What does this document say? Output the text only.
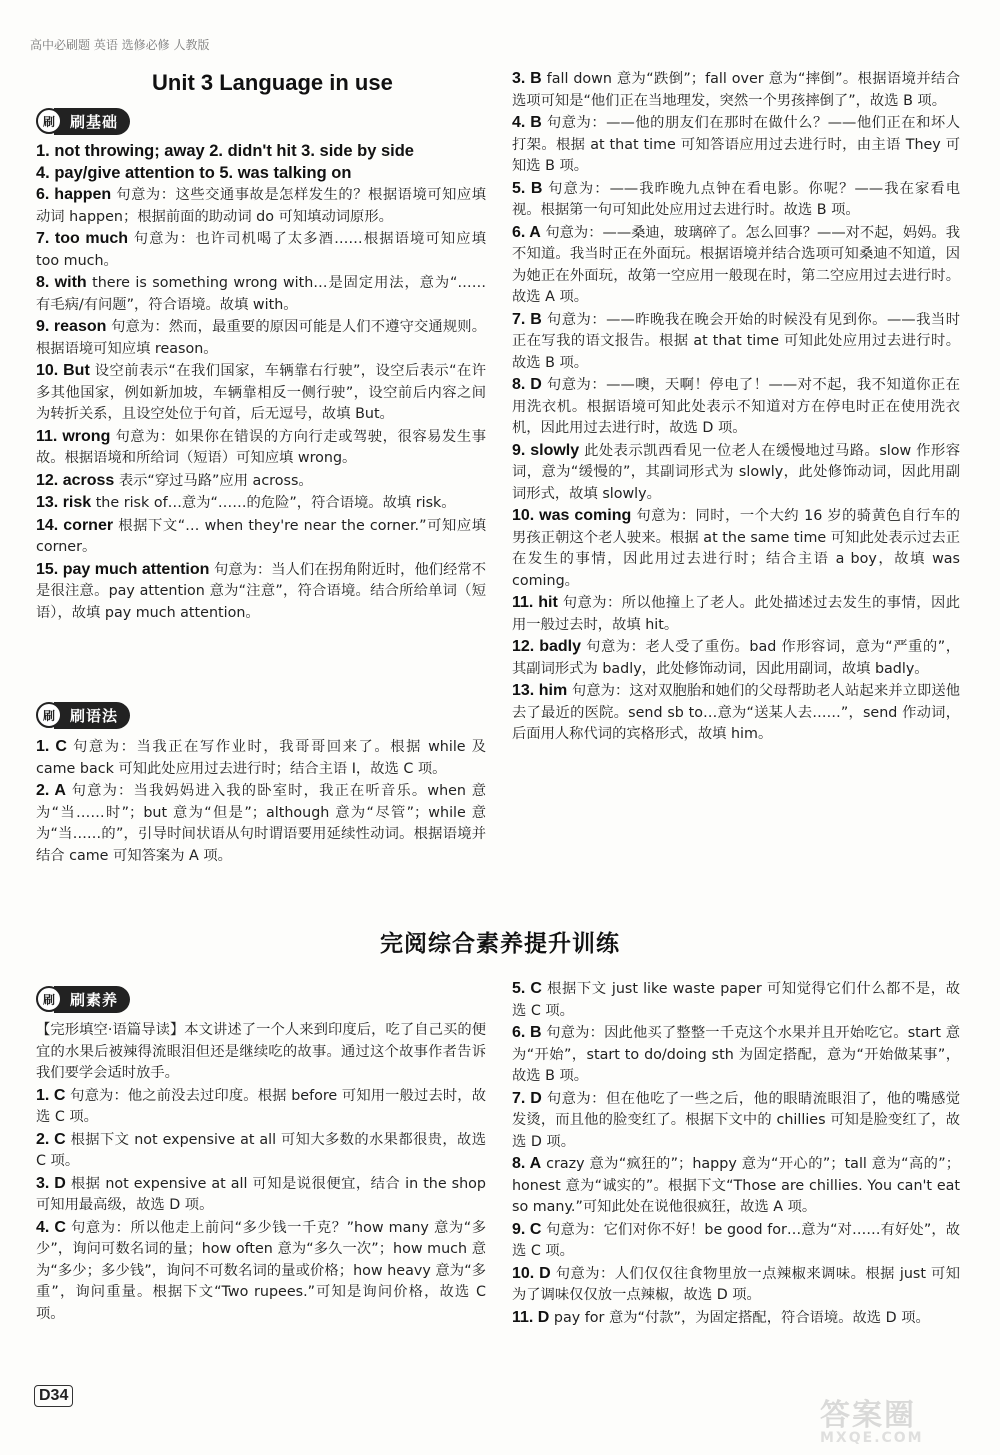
高中必刷题 英语 选修必修 人教版
Unit 3 Language in use
刷	刷基础
1. not throwing; away 2. didn't hit 3. side by side
4. pay/give attention to 5. was talking on

6. happen 句意为：这些交通事故是怎样发生的？根据语境可知应填动词 happen；根据前面的助动词 do 可知填动词原形。

7. too much 句意为：也许司机喝了太多酒……根据语境可知应填 too much。

8. with there is something wrong with…是固定用法，意为“……有毛病/有问题”，符合语境。故填 with。

9. reason 句意为：然而，最重要的原因可能是人们不遵守交通规则。根据语境可知应填 reason。

10. But 设空前表示“在我们国家，车辆靠右行驶”，设空后表示“在许多其他国家，例如新加坡，车辆靠相反一侧行驶”，设空前后内容之间为转折关系，且设空处位于句首，后无逗号，故填 But。

11. wrong 句意为：如果你在错误的方向行走或驾驶，很容易发生事故。根据语境和所给词（短语）可知应填 wrong。

12. across 表示“穿过马路”应用 across。

13. risk the risk of…意为“……的危险”，符合语境。故填 risk。

14. corner 根据下文“… when they're near the corner.”可知应填 corner。

15. pay much attention 句意为：当人们在拐角附近时，他们经常不是很注意。pay attention 意为“注意”，符合语境。结合所给单词（短语），故填 pay much attention。

刷	刷语法

1. C 句意为：当我正在写作业时，我哥哥回来了。根据 while 及 came back 可知此处应用过去进行时；结合主语 I，故选 C 项。

2. A 句意为：当我妈妈进入我的卧室时，我正在听音乐。when 意为“当……时”；but 意为“但是”；although 意为“尽管”；while 意为“当……的”，引导时间状语从句时谓语要用延续性动词。根据语境并结合 came 可知答案为 A 项。

3. B fall down 意为“跌倒”；fall over 意为“摔倒”。根据语境并结合选项可知是“他们正在当地理发，突然一个男孩摔倒了”，故选 B 项。

4. B 句意为：——他的朋友们在那时在做什么？——他们正在和坏人打架。根据 at that time 可知答语应用过去进行时，由主语 They 可知选 B 项。

5. B 句意为：——我昨晚九点钟在看电影。你呢？——我在家看电视。根据第一句可知此处应用过去进行时。故选 B 项。

6. A 句意为：——桑迪，玻璃碎了。怎么回事？——对不起，妈妈。我不知道。我当时正在外面玩。根据语境并结合选项可知桑迪不知道，因为她正在外面玩，故第一空应用一般现在时，第二空应用过去进行时。故选 A 项。

7. B 句意为：——昨晚我在晚会开始的时候没有见到你。——我当时正在写我的语文报告。根据 at that time 可知此处应用过去进行时。故选 B 项。

8. D 句意为：——噢，天啊！停电了！——对不起，我不知道你正在用洗衣机。根据语境可知此处表示不知道对方在停电时正在使用洗衣机，因此用过去进行时，故选 D 项。

9. slowly 此处表示凯西看见一位老人在缓慢地过马路。slow 作形容词，意为“缓慢的”，其副词形式为 slowly，此处修饰动词，因此用副词形式，故填 slowly。

10. was coming 句意为：同时，一个大约 16 岁的骑黄色自行车的男孩正朝这个老人驶来。根据 at the same time 可知此处表示过去正在发生的事情，因此用过去进行时；结合主语 a boy，故填 was coming。

11. hit 句意为：所以他撞上了老人。此处描述过去发生的事情，因此用一般过去时，故填 hit。

12. badly 句意为：老人受了重伤。bad 作形容词，意为“严重的”，其副词形式为 badly，此处修饰动词，因此用副词，故填 badly。

13. him 句意为：这对双胞胎和她们的父母帮助老人站起来并立即送他去了最近的医院。send sb to…意为“送某人去……”，send 作动词，后面用人称代词的宾格形式，故填 him。

完阅综合素养提升训练
刷	刷素养

【完形填空·语篇导读】本文讲述了一个人来到印度后，吃了自己买的便宜的水果后被辣得流眼泪但还是继续吃的故事。通过这个故事作者告诉我们要学会适时放手。

1. C 句意为：他之前没去过印度。根据 before 可知用一般过去时，故选 C 项。

2. C 根据下文 not expensive at all 可知大多数的水果都很贵，故选 C 项。

3. D 根据 not expensive at all 可知是说很便宜，结合 in the shop 可知用最高级，故选 D 项。

4. C 句意为：所以他走上前问“多少钱一千克？”how many 意为“多少”，询问可数名词的量；how often 意为“多久一次”；how much 意为“多少；多少钱”，询问不可数名词的量或价格；how heavy 意为“多重”，询问重量。根据下文“Two rupees.”可知是询问价格，故选 C 项。

5. C 根据下文 just like waste paper 可知觉得它们什么都不是，故选 C 项。

6. B 句意为：因此他买了整整一千克这个水果并且开始吃它。start 意为“开始”，start to do/doing sth 为固定搭配，意为“开始做某事”，故选 B 项。

7. D 句意为：但在他吃了一些之后，他的眼睛流眼泪了，他的嘴感觉发烫，而且他的脸变红了。根据下文中的 chillies 可知是脸变红了，故选 D 项。

8. A crazy 意为“疯狂的”；happy 意为“开心的”；tall 意为“高的”；honest 意为“诚实的”。根据下文“Those are chillies. You can't eat so many.”可知此处在说他很疯狂，故选 A 项。

9. C 句意为：它们对你不好！be good for…意为“对……有好处”，故选 C 项。

10. D 句意为：人们仅仅往食物里放一点辣椒来调味。根据 just 可知为了调味仅仅放一点辣椒，故选 D 项。

11. D pay for 意为“付款”，为固定搭配，符合语境。故选 D 项。

D34
答案圈
MXQE.COM
